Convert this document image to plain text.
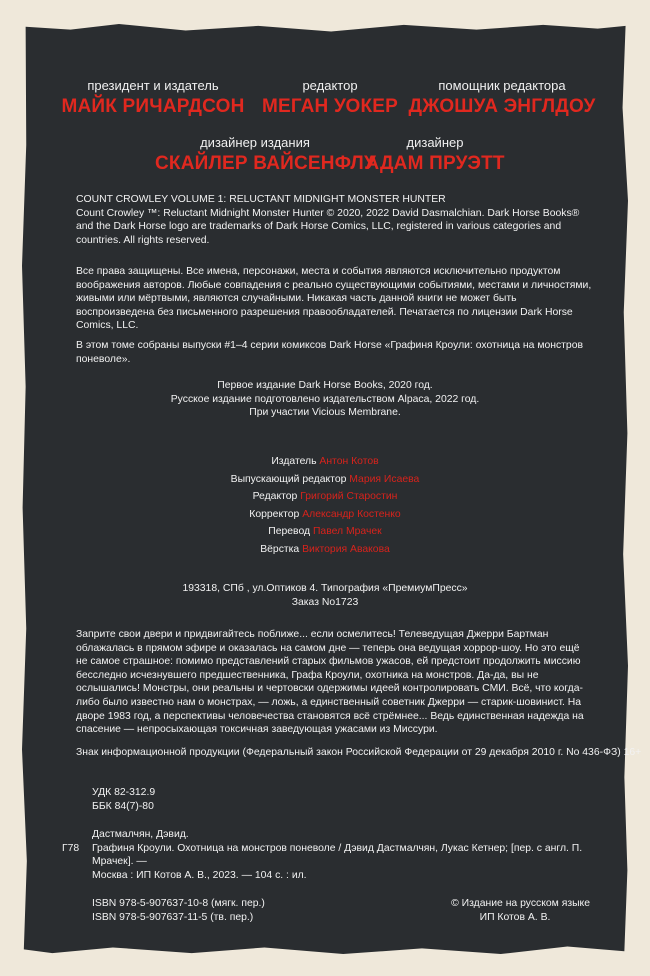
президент и издатель
МАЙК РИЧАРДСОН
редактор
МЕГАН УОКЕР
помощник редактора
ДЖОШУА ЭНГЛДОУ
дизайнер издания
СКАЙЛЕР ВАЙСЕНФЛУ
дизайнер
АДАМ ПРУЭТТ

COUNT CROWLEY VOLUME 1: RELUCTANT MIDNIGHT MONSTER HUNTER

Count Crowley ™: Reluctant Midnight Monster Hunter © 2020, 2022 David Dasmalchian. Dark Horse Books® and the Dark Horse logo are trademarks of Dark Horse Comics, LLC, registered in various categories and countries. All rights reserved.

Все права защищены. Все имена, персонажи, места и события являются исключительно продуктом воображения авторов. Любые совпадения с реально существующими событиями, местами и личностями, живыми или мёртвыми, являются случайными. Никакая часть данной книги не может быть воспроизведена без письменного разрешения правообладателей. Печатается по лицензии Dark Horse Comics, LLC.
В этом томе собраны выпуски #1–4 серии комиксов Dark Horse «Графиня Кроули: охотница на монстров поневоле».

Первое издание Dark Horse Books, 2020 год.

Русское издание подготовлено издательством Alpaca, 2022 год.

При участии Vicious Membrane.

Издатель Антон Котов
Выпускающий редактор Мария Исаева
Редактор Григорий Старостин
Корректор Александр Костенко
Перевод Павел Мрачек
Вёрстка Виктория Авакова

193318, СПб , ул.Оптиков 4. Типография «ПремиумПресс»

Заказ No1723

Заприте свои двери и придвигайтесь поближе... если осмелитесь! Телеведущая Джерри Бартман облажалась в прямом эфире и оказалась на самом дне — теперь она ведущая хоррор-шоу. Но это ещё не самое страшное: помимо представлений старых фильмов ужасов, ей предстоит продолжить миссию бесследно исчезнувшего предшественника, Графа Кроули, охотника на монстров. Да-да, вы не ослышались! Монстры, они реальны и чертовски одержимы идеей контролировать СМИ. Всё, что когда-либо было известно нам о монстрах, — ложь, а единственный советник Джерри — старик-шовинист. На дворе 1983 год, а перспективы человечества становятся всё стрёмнее... Ведь единственная надежда на спасение — непросыхающая токсичная заведующая ужасами из Миссури.
Знак информационной продукции (Федеральный закон Российской Федерации от 29 декабря 2010 г. No 436-ФЗ) 16+
УДК 82-312.9
ББК 84(7)-80
Г78

Дастмалчян, Дэвид.

Графиня Кроули. Охотница на монстров поневоле / Дэвид Дастмалчян, Лукас Кетнер; [пер. с англ. П. Мрачек]. —

Москва : ИП Котов А. В., 2023. — 104 с. : ил.

ISBN 978-5-907637-10-8 (мягк. пер.)

ISBN 978-5-907637-11-5 (тв. пер.)

© Издание на русском языке

ИП Котов А. В.
